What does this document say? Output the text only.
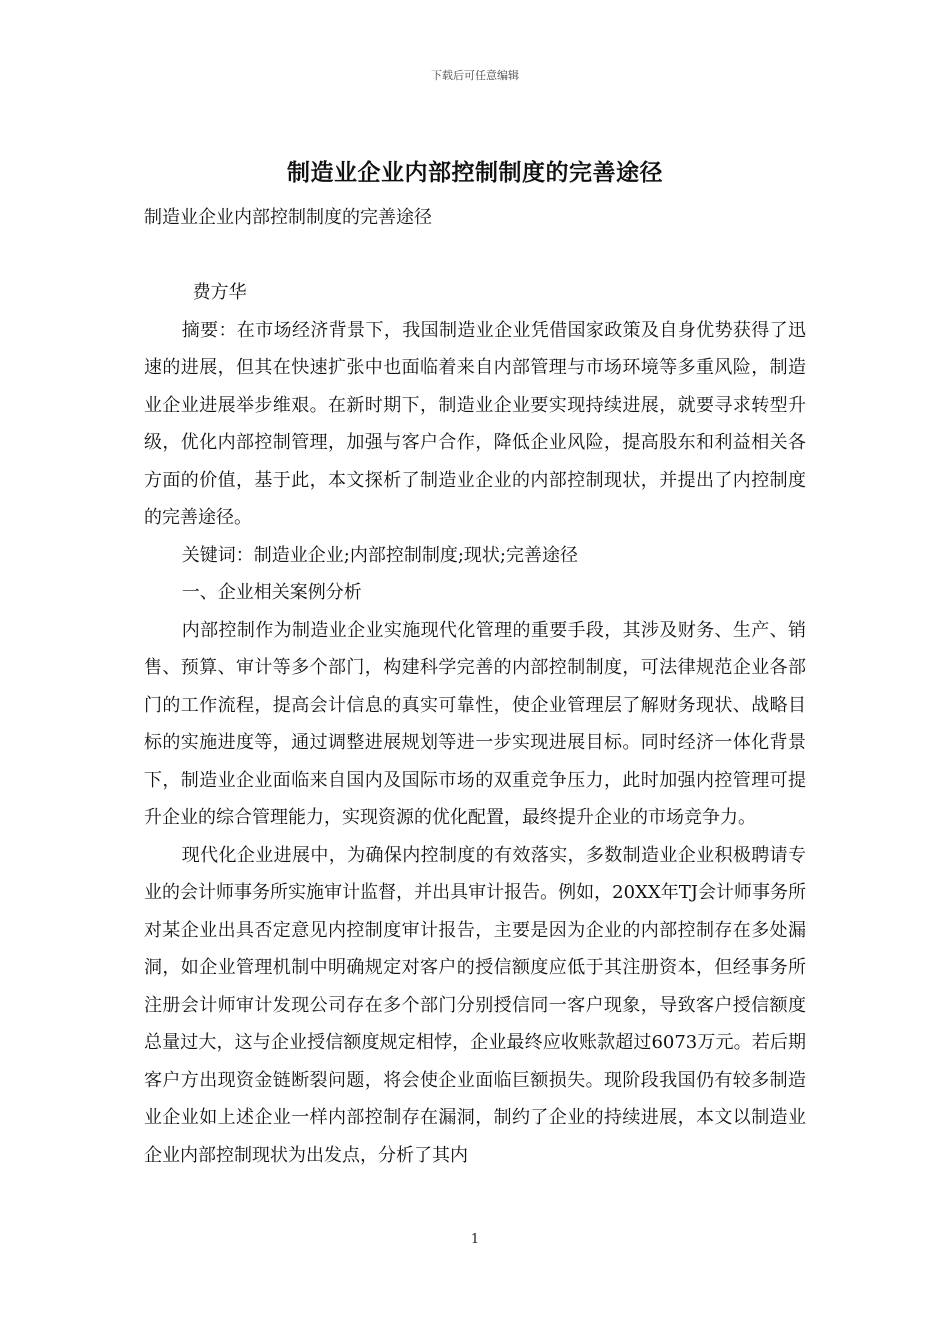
下载后可任意编辑
制造业企业内部控制制度的完善途径

制造业企业内部控制制度的完善途径

费方华

摘要：在市场经济背景下，我国制造业企业凭借国家政策及自身优势获得了迅速的进展，但其在快速扩张中也面临着来自内部管理与市场环境等多重风险，制造业企业进展举步维艰。在新时期下，制造业企业要实现持续进展，就要寻求转型升级，优化内部控制管理，加强与客户合作，降低企业风险，提高股东和利益相关各方面的价值，基于此，本文探析了制造业企业的内部控制现状，并提出了内控制度的完善途径。

关键词：制造业企业;内部控制制度;现状;完善途径

一、企业相关案例分析

内部控制作为制造业企业实施现代化管理的重要手段，其涉及财务、生产、销售、预算、审计等多个部门，构建科学完善的内部控制制度，可法律规范企业各部门的工作流程，提高会计信息的真实可靠性，使企业管理层了解财务现状、战略目标的实施进度等，通过调整进展规划等进一步实现进展目标。同时经济一体化背景下，制造业企业面临来自国内及国际市场的双重竞争压力，此时加强内控管理可提升企业的综合管理能力，实现资源的优化配置，最终提升企业的市场竞争力。

现代化企业进展中，为确保内控制度的有效落实，多数制造业企业积极聘请专业的会计师事务所实施审计监督，并出具审计报告。例如，20XX年TJ会计师事务所对某企业出具否定意见内控制度审计报告，主要是因为企业的内部控制存在多处漏洞，如企业管理机制中明确规定对客户的授信额度应低于其注册资本，但经事务所注册会计师审计发现公司存在多个部门分别授信同一客户现象，导致客户授信额度总量过大，这与企业授信额度规定相悖，企业最终应收账款超过6073万元。若后期客户方出现资金链断裂问题，将会使企业面临巨额损失。现阶段我国仍有较多制造业企业如上述企业一样内部控制存在漏洞，制约了企业的持续进展，本文以制造业企业内部控制现状为出发点，分析了其内

1
